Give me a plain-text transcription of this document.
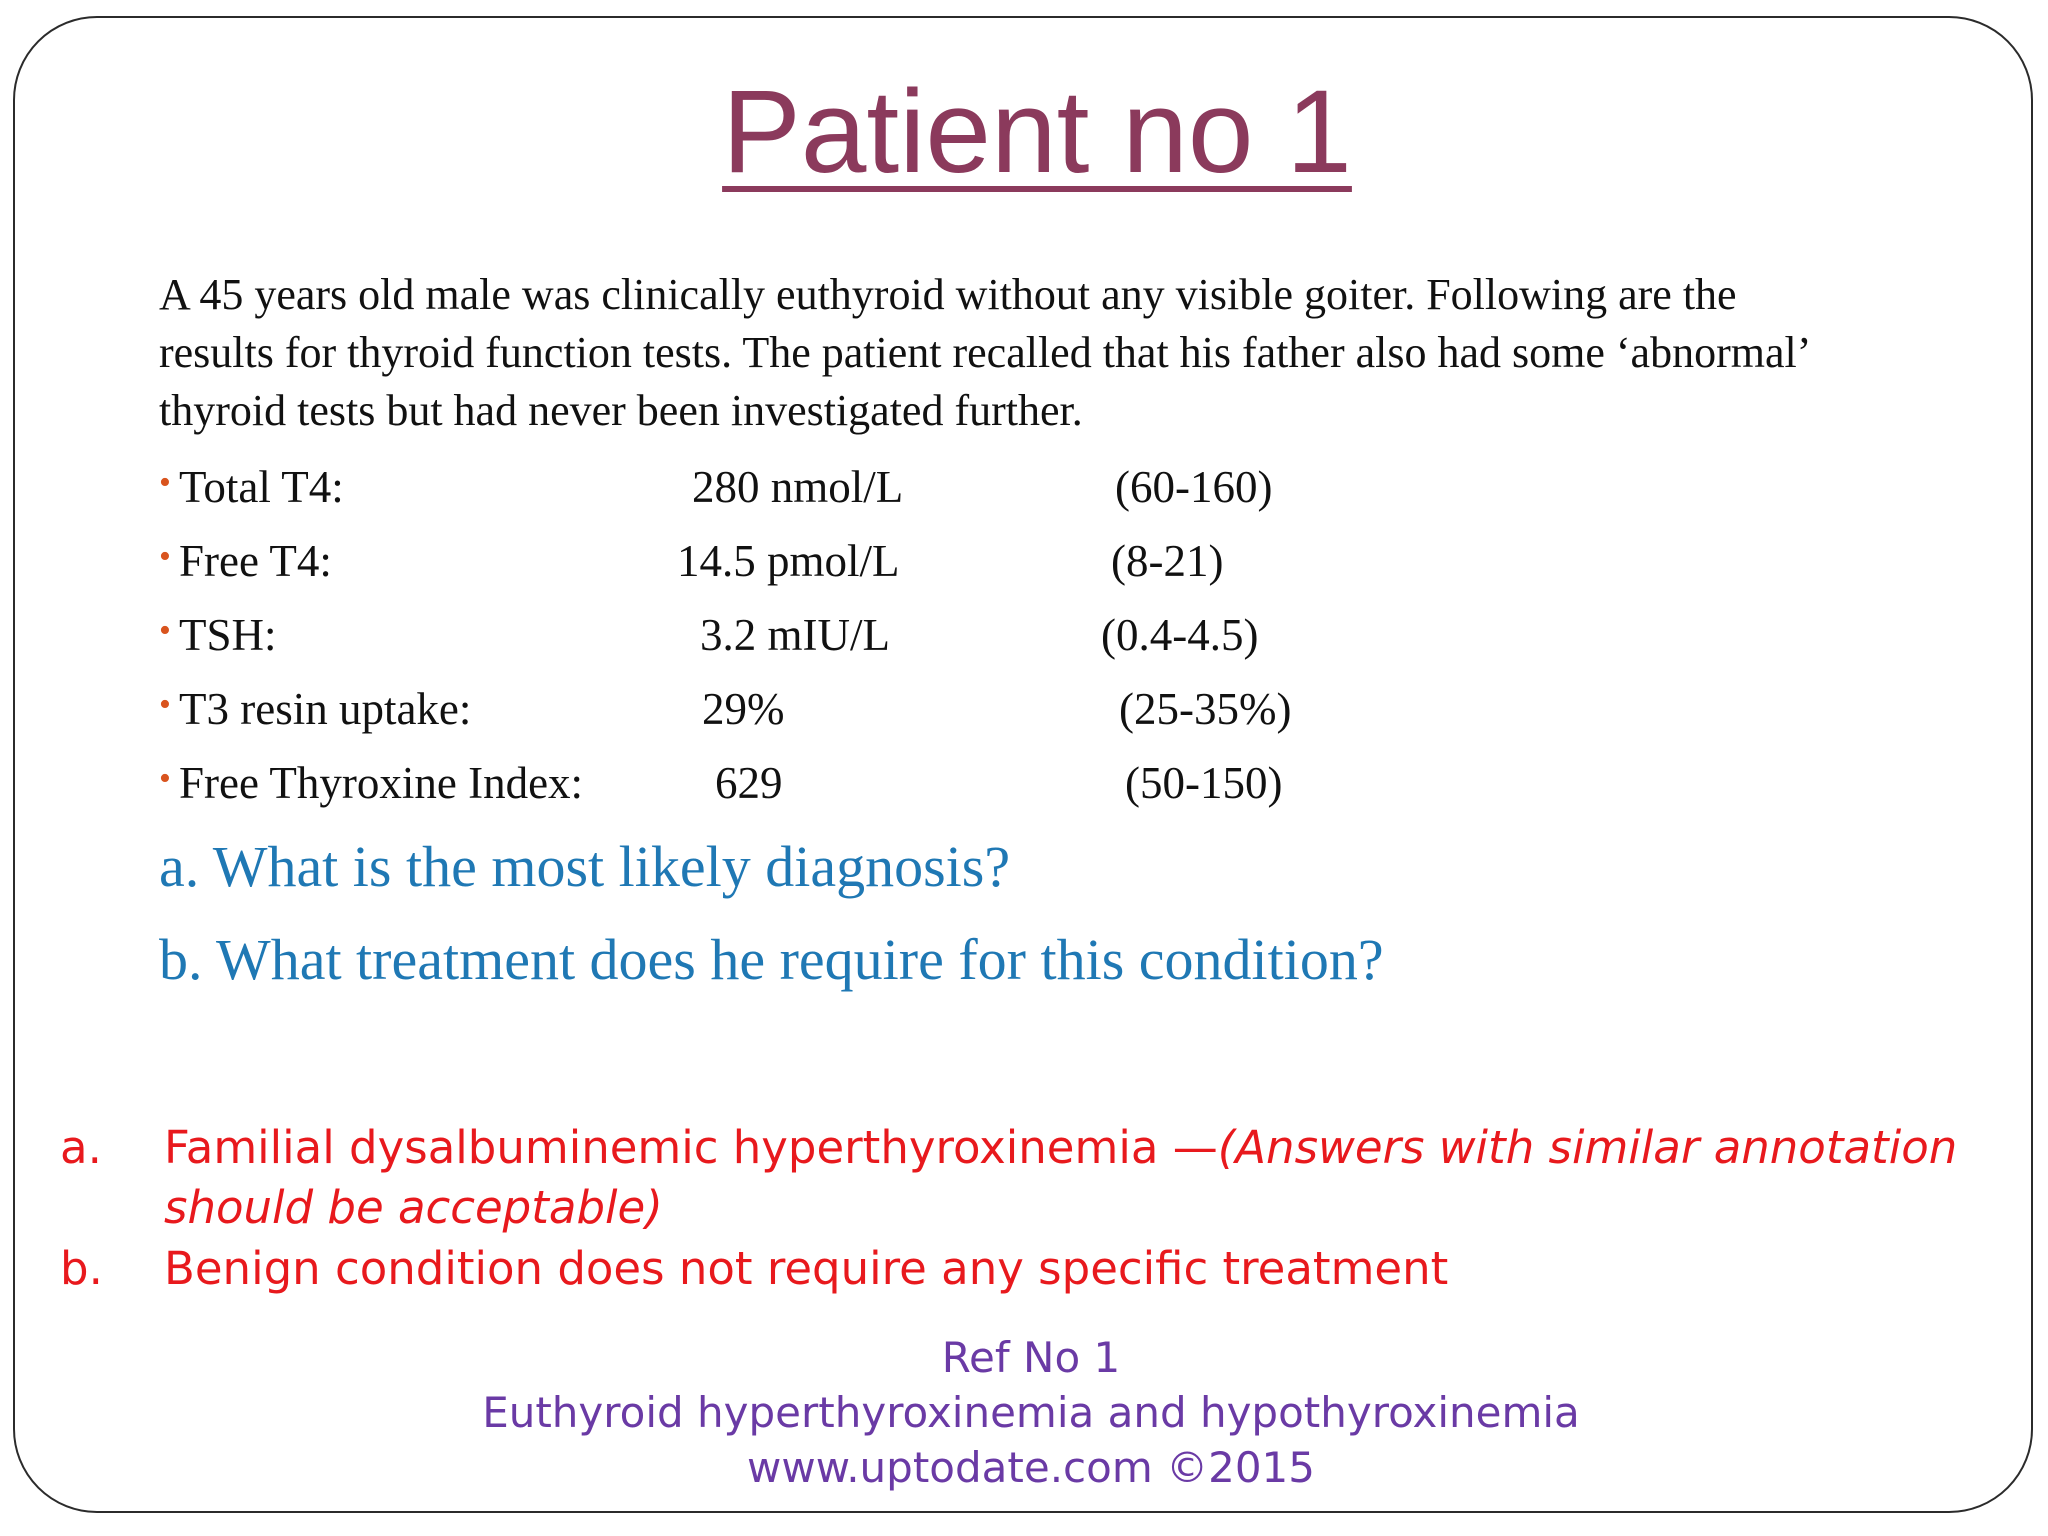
Patient no 1

A 45 years old male was clinically euthyroid without any visible goiter. Following are the results for thyroid function tests. The patient recalled that his father also had some ‘abnormal’ thyroid tests but had never been investigated further.

• Total T4:	280 nmol/L	(60-160)
• Free T4:	14.5 pmol/L	(8-21)
• TSH:	3.2 mIU/L	(0.4-4.5)
• T3 resin uptake:	29%	(25-35%)
• Free Thyroxine Index:	629	(50-150)

a. What is the most likely diagnosis?

b. What treatment does he require for this condition?

a. Familial dysalbuminemic hyperthyroxinemia —(Answers with similar annotation should be acceptable)
b. Benign condition does not require any specific treatment
Ref No 1
Euthyroid hyperthyroxinemia and hypothyroxinemia
www.uptodate.com ©2015
